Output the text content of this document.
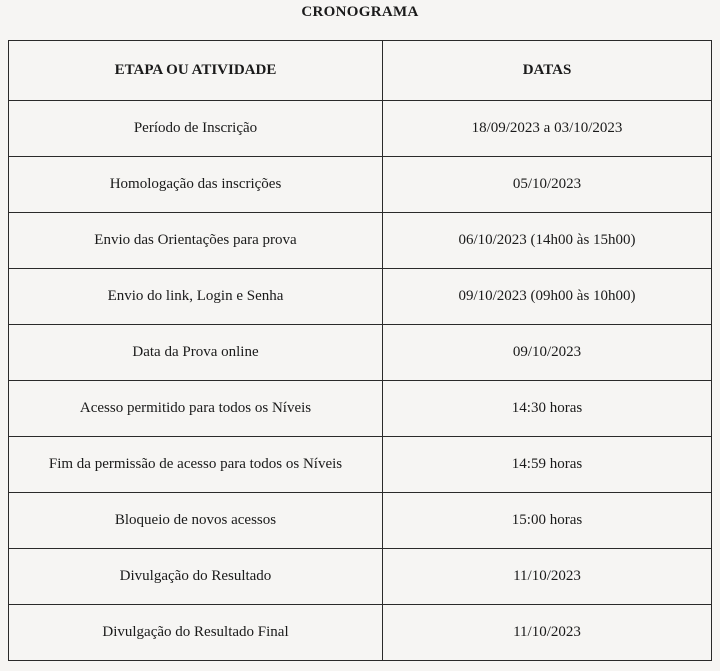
CRONOGRAMA
ETAPA OU ATIVIDADE	DATAS
Período de Inscrição	18/09/2023 a 03/10/2023
Homologação das inscrições	05/10/2023
Envio das Orientações para prova	06/10/2023 (14h00 às 15h00)
Envio do link, Login e Senha	09/10/2023 (09h00 às 10h00)
Data da Prova online	09/10/2023
Acesso permitido para todos os Níveis	14:30 horas
Fim da permissão de acesso para todos os Níveis	14:59 horas
Bloqueio de novos acessos	15:00 horas
Divulgação do Resultado	11/10/2023
Divulgação do Resultado Final	11/10/2023
